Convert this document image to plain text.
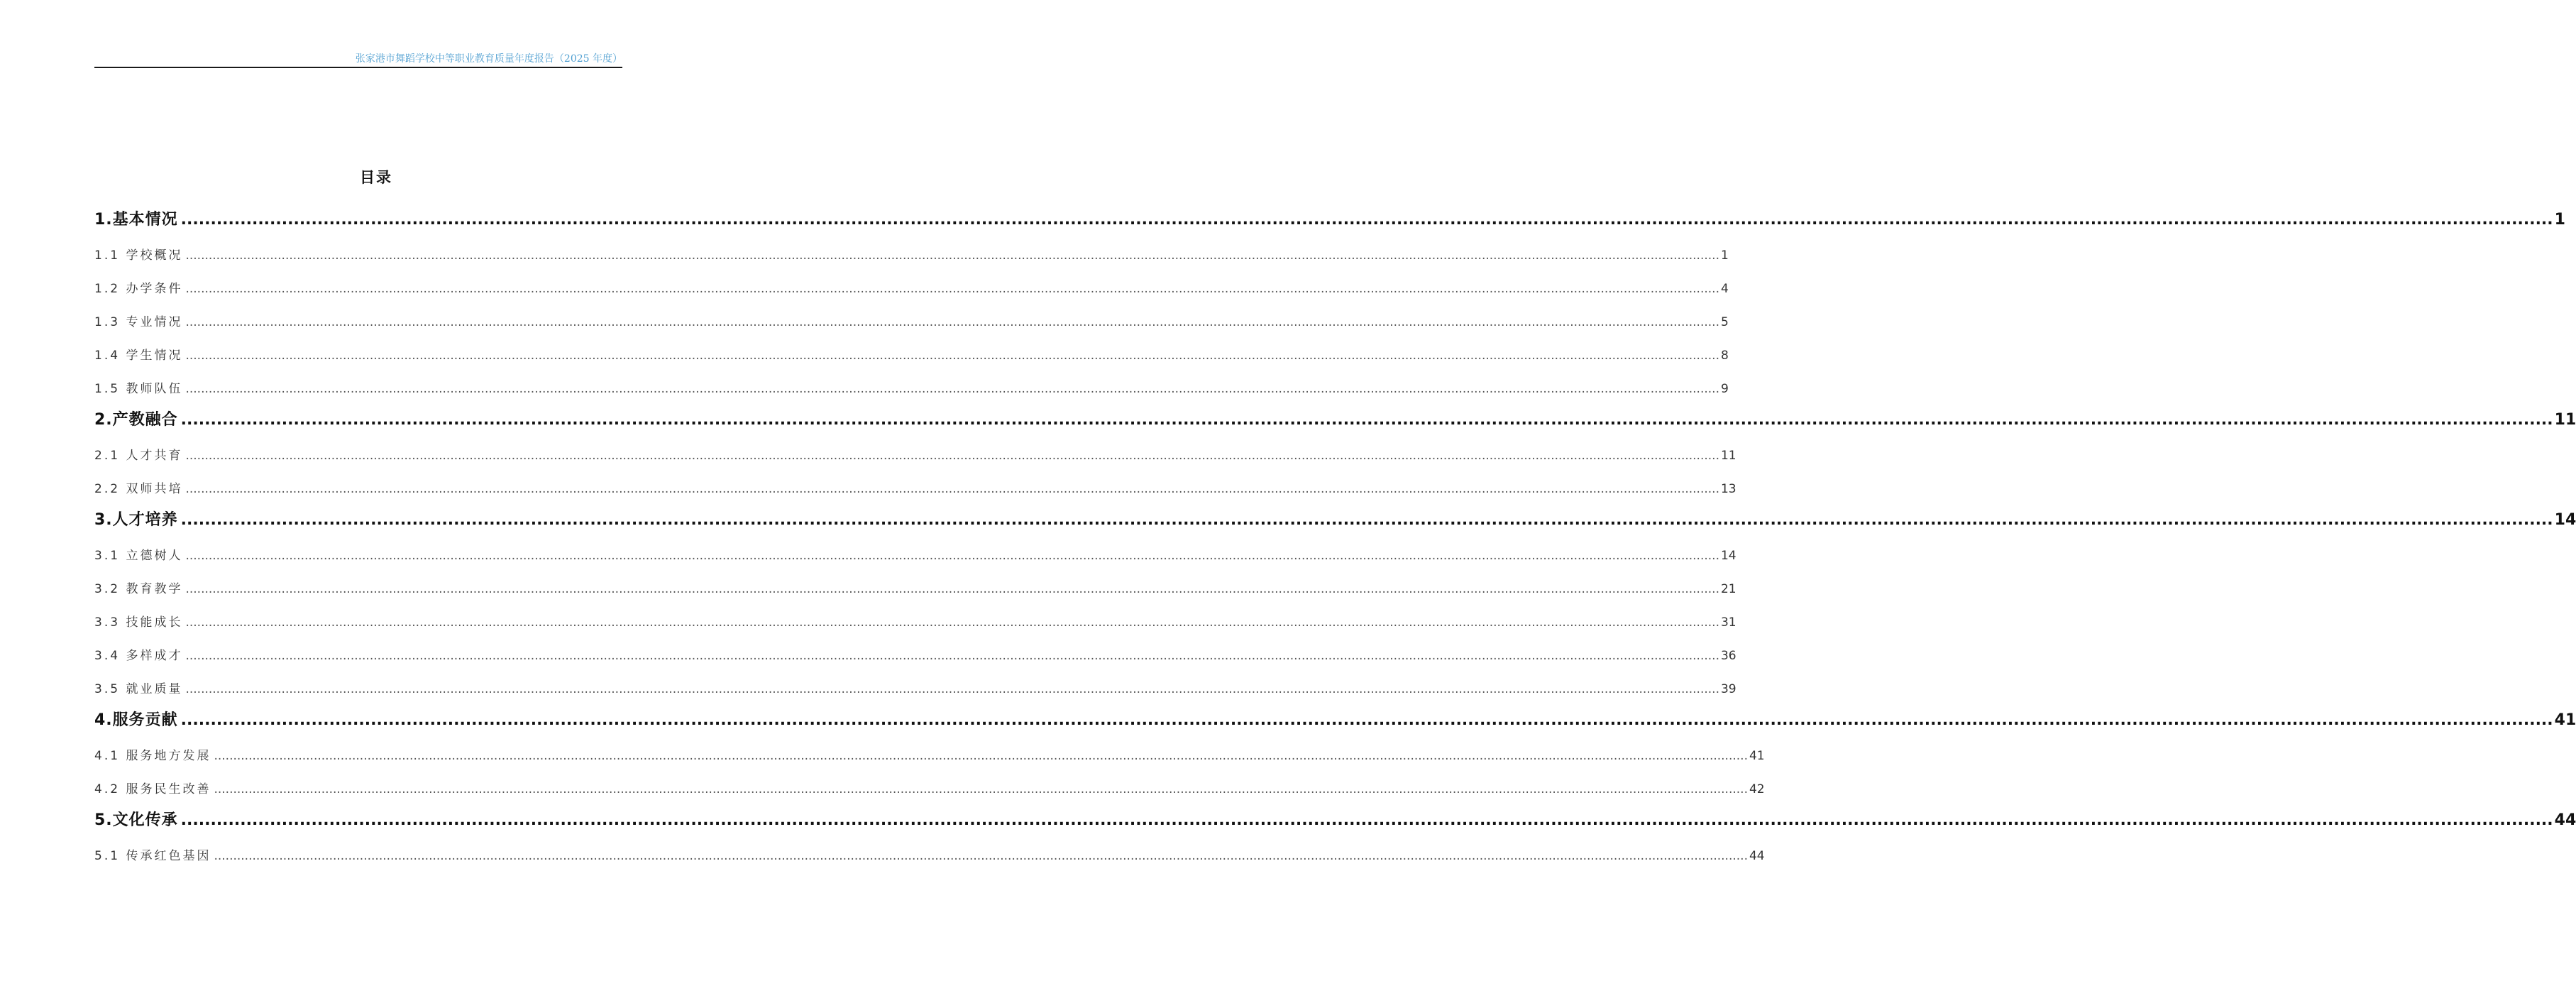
张家港市舞蹈学校中等职业教育质量年度报告（2025 年度）
目录
1.基本情况 ................................................................................................................................................................................................................................................................................................................................................................................................................ 1
1.1 学校概况 ................................................................................................................................................................................................................................................................................................................................................................................................................ 1
1.2 办学条件 ................................................................................................................................................................................................................................................................................................................................................................................................................ 4
1.3 专业情况 ................................................................................................................................................................................................................................................................................................................................................................................................................ 5
1.4 学生情况 ................................................................................................................................................................................................................................................................................................................................................................................................................ 8
1.5 教师队伍 ................................................................................................................................................................................................................................................................................................................................................................................................................ 9
2.产教融合 ................................................................................................................................................................................................................................................................................................................................................................................................................ 11
2.1 人才共育 ................................................................................................................................................................................................................................................................................................................................................................................................................ 11
2.2 双师共培 ................................................................................................................................................................................................................................................................................................................................................................................................................ 13
3.人才培养 ................................................................................................................................................................................................................................................................................................................................................................................................................ 14
3.1 立德树人 ................................................................................................................................................................................................................................................................................................................................................................................................................ 14
3.2 教育教学 ................................................................................................................................................................................................................................................................................................................................................................................................................ 21
3.3 技能成长 ................................................................................................................................................................................................................................................................................................................................................................................................................ 31
3.4 多样成才 ................................................................................................................................................................................................................................................................................................................................................................................................................ 36
3.5 就业质量 ................................................................................................................................................................................................................................................................................................................................................................................................................ 39
4.服务贡献 ................................................................................................................................................................................................................................................................................................................................................................................................................ 41
4.1 服务地方发展 ................................................................................................................................................................................................................................................................................................................................................................................................................ 41
4.2 服务民生改善 ................................................................................................................................................................................................................................................................................................................................................................................................................ 42
5.文化传承 ................................................................................................................................................................................................................................................................................................................................................................................................................ 44
5.1 传承红色基因 ................................................................................................................................................................................................................................................................................................................................................................................................................ 44
